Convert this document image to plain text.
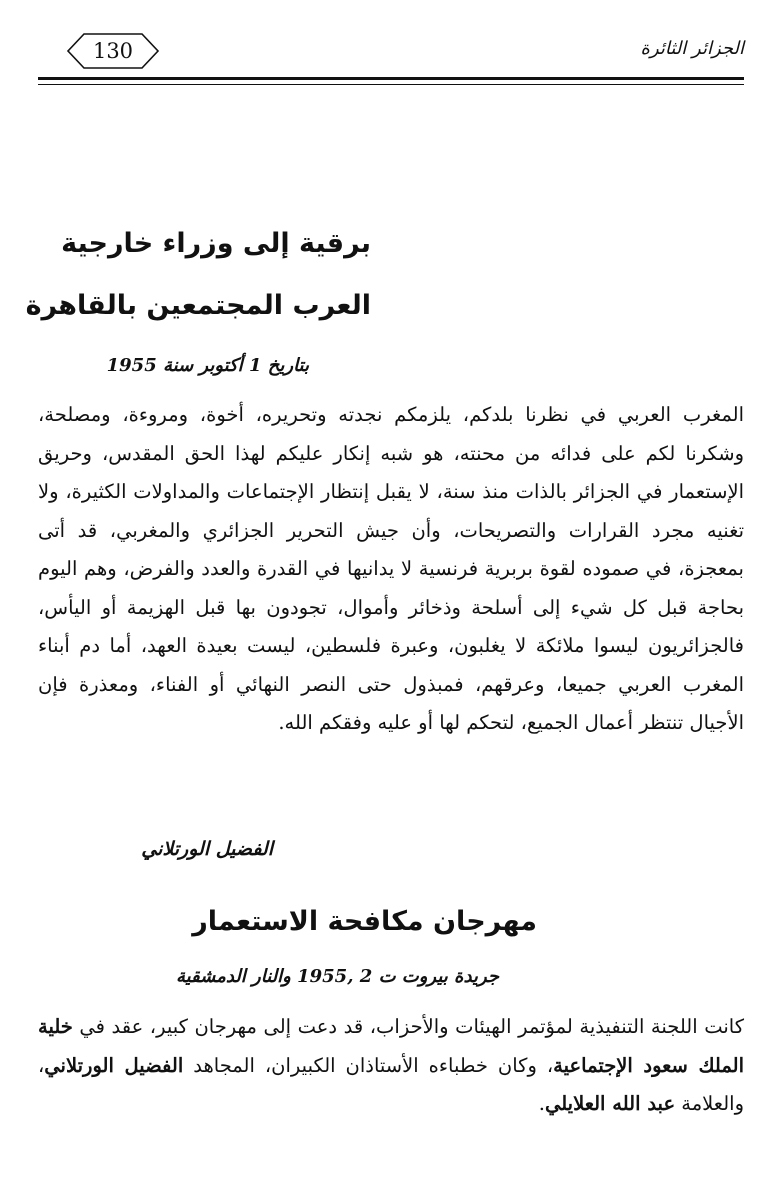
130	الجزائر الثائرة
برقية إلى وزراء خارجية
العرب المجتمعين بالقاهرة
بتاريخ 1 أكتوبر سنة 1955

المغرب العربي في نظرنا بلدكم، يلزمكم نجدته وتحريره، أخوة، ومروءة، ومصلحة، وشكرنا لكم على فدائه من محنته، هو شبه إنكار عليكم لهذا الحق المقدس، وحريق الإستعمار في الجزائر بالذات منذ سنة، لا يقبل إنتظار الإجتماعات والمداولات الكثيرة، ولا تغنيه مجرد القرارات والتصريحات، وأن جيش التحرير الجزائري والمغربي، قد أتى بمعجزة، في صموده لقوة بربرية فرنسية لا يدانيها في القدرة والعدد والفرض، وهم اليوم بحاجة قبل كل شيء إلى أسلحة وذخائر وأموال، تجودون بها قبل الهزيمة أو اليأس، فالجزائريون ليسوا ملائكة لا يغلبون، وعبرة فلسطين، ليست بعيدة العهد، أما دم أبناء المغرب العربي جميعا، وعرقهم، فمبذول حتى النصر النهائي أو الفناء، ومعذرة فإن الأجيال تنتظر أعمال الجميع، لتحكم لها أو عليه وفقكم الله.

الفضيل الورتلاني
مهرجان مكافحة الاستعمار
جريدة بيروت ت 2 ,1955 والنار الدمشقية

كانت اللجنة التنفيذية لمؤتمر الهيئات والأحزاب، قد دعت إلى مهرجان كبير، عقد في خلية الملك سعود الإجتماعية، وكان خطباءه الأستاذان الكبيران، المجاهد الفضيل الورتلاني، والعلامة عبد الله العلايلي.
